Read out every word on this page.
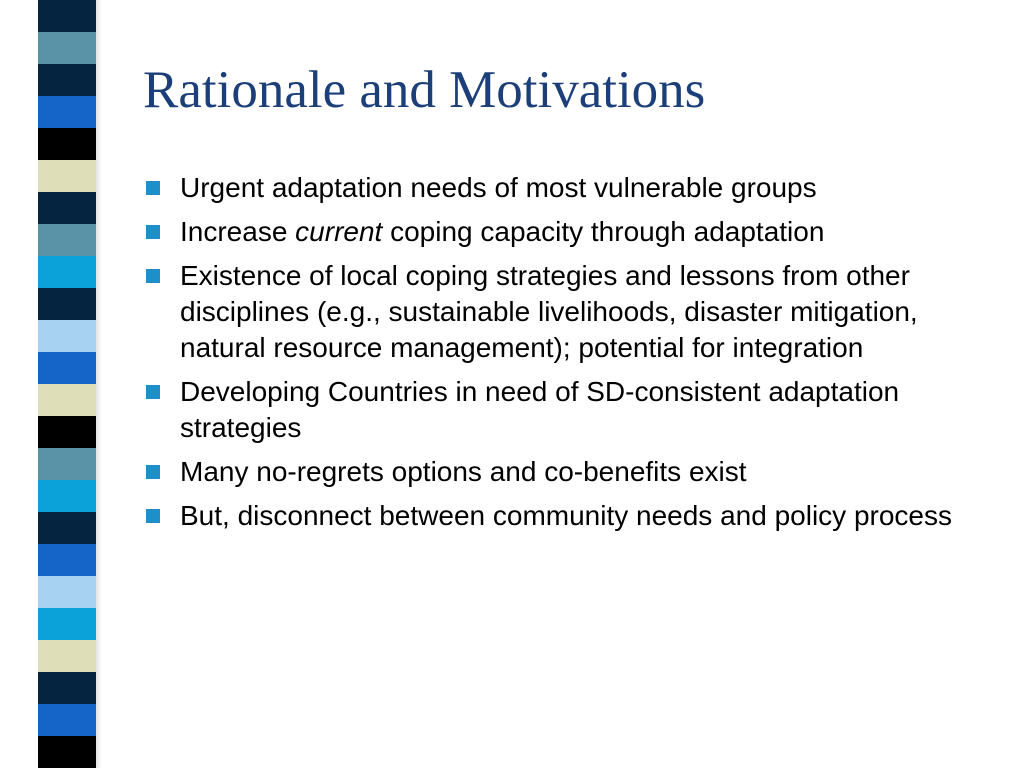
Rationale and Motivations
Urgent adaptation needs of most vulnerable groups
Increase current coping capacity through adaptation
Existence of local coping strategies and lessons from other disciplines (e.g., sustainable livelihoods, disaster mitigation, natural resource management); potential for integration
Developing Countries in need of SD-consistent adaptation strategies
Many no-regrets options and co-benefits exist
But, disconnect between community needs and policy process
